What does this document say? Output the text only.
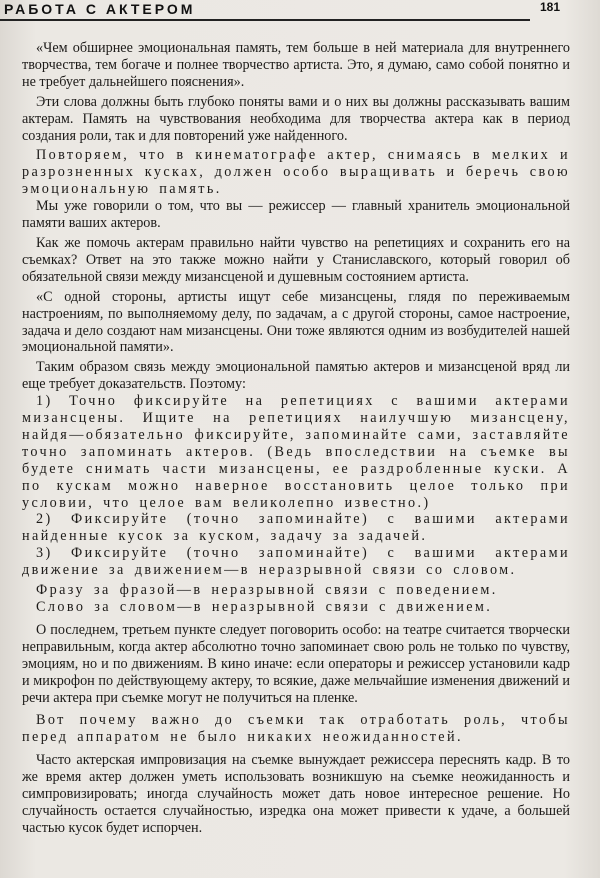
РАБОТА С АКТЕРОМ	181

«Чем обширнее эмоциональная память, тем больше в ней материала для внутреннего творчества, тем богаче и полнее творчество артиста. Это, я думаю, само собой понятно и не требует дальнейшего пояснения».

Эти слова должны быть глубоко поняты вами и о них вы должны рассказывать вашим актерам. Память на чувствования необходима для творчества актера как в период создания роли, так и для повторений уже найденного.

Повторяем, что в кинематографе актер, снимаясь в мелких и разрозненных кусках, должен особо выращивать и беречь свою эмоциональную память.

Мы уже говорили о том, что вы — режиссер — главный хранитель эмоциональной памяти ваших актеров.

Как же помочь актерам правильно найти чувство на репетициях и сохранить его на съемках? Ответ на это также можно найти у Станиславского, который говорил об обязательной связи между мизансценой и душевным состоянием артиста.

«С одной стороны, артисты ищут себе мизансцены, глядя по переживаемым настроениям, по выполняемому делу, по задачам, а с другой стороны, самое настроение, задача и дело создают нам мизансцены. Они тоже являются одним из возбудителей нашей эмоциональной памяти».

Таким образом связь между эмоциональной памятью актеров и мизансценой вряд ли еще требует доказательств. Поэтому:

1) Точно фиксируйте на репетициях с вашими актерами мизансцены. Ищите на репетициях наилучшую мизансцену, найдя—обязательно фиксируйте, запоминайте сами, заставляйте точно запоминать актеров. (Ведь впоследствии на съемке вы будете снимать части мизансцены, ее раздробленные куски. А по кускам можно наверное восстановить целое только при условии, что целое вам великолепно известно.)

2) Фиксируйте (точно запоминайте) с вашими актерами найденные кусок за куском, задачу за задачей.

3) Фиксируйте (точно запоминайте) с вашими актерами движение за движением—в неразрывной связи со словом.

Фразу за фразой—в неразрывной связи с поведением.

Слово за словом—в неразрывной связи с движением.

О последнем, третьем пункте следует поговорить особо: на театре считается творчески неправильным, когда актер абсолютно точно запоминает свою роль не только по чувству, эмоциям, но и по движениям. В кино иначе: если операторы и режиссер установили кадр и микрофон по действующему актеру, то всякие, даже мельчайшие изменения движений и речи актера при съемке могут не получиться на пленке.

Вот почему важно до съемки так отработать роль, чтобы перед аппаратом не было никаких неожиданностей.

Часто актерская импровизация на съемке вынуждает режиссера переснять кадр. В то же время актер должен уметь использовать возникшую на съемке неожиданность и симпровизировать; иногда случайность может дать новое интересное решение. Но случайность остается случайностью, изредка она может привести к удаче, а большей частью кусок будет испорчен.
